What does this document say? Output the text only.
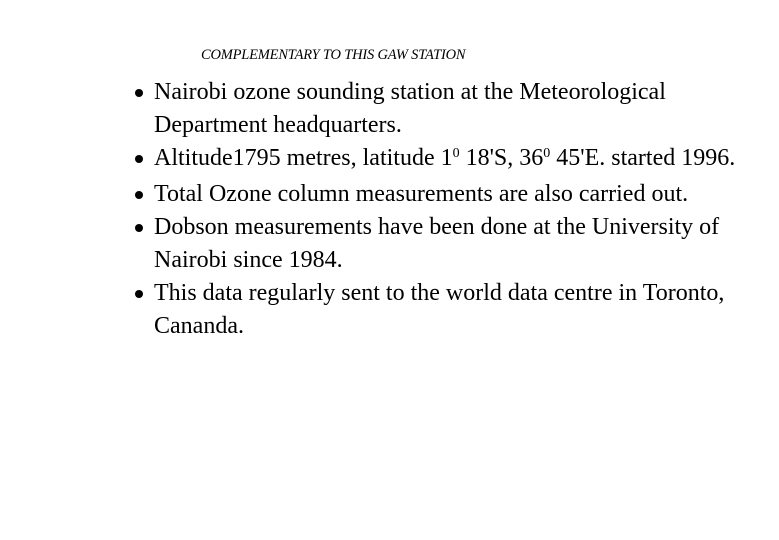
COMPLEMENTARY TO THIS GAW STATION
Nairobi ozone sounding station at the Meteorological Department headquarters.
Altitude1795 metres, latitude $1^0$ 18'S, $36^0$ 45'E. started 1996.
Total Ozone column measurements are also carried out.
Dobson measurements have been done at the University of Nairobi since 1984.
This data regularly sent to the world data centre in Toronto, Cananda.
